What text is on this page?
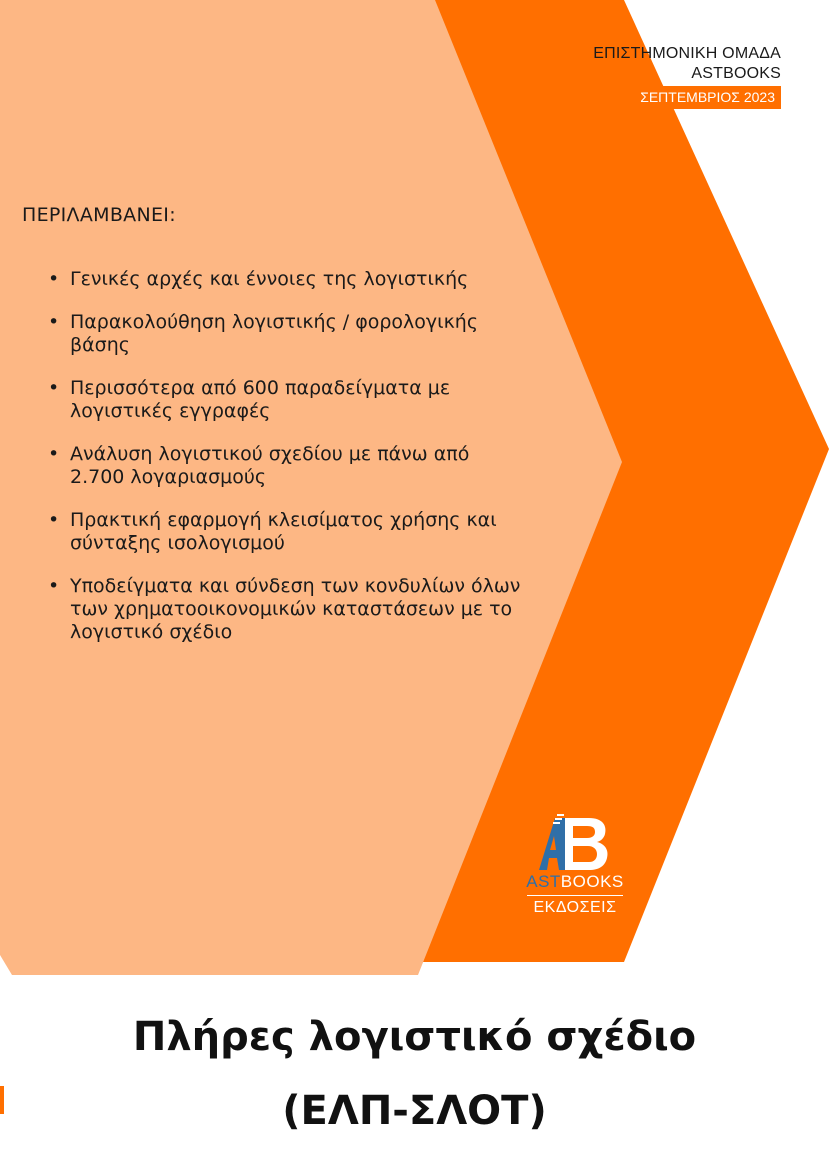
ΕΠΙΣΤΗΜΟΝΙΚΗ ΟΜΑΔΑ
ASTBOOKS
ΣΕΠΤΕΜΒΡΙΟΣ 2023
ΠΕΡΙΛΑΜΒΑΝΕΙ:
• Γενικές αρχές και έννοιες της λογιστικής
• Παρακολούθηση λογιστικής / φορολογικής βάσης
• Περισσότερα από 600 παραδείγματα με λογιστικές εγγραφές
• Ανάλυση λογιστικού σχεδίου με πάνω από 2.700 λογαριασμούς
• Πρακτική εφαρμογή κλεισίματος χρήσης και σύνταξης ισολογισμού
• Υποδείγματα και σύνδεση των κονδυλίων όλων των χρηματοοικονομικών καταστάσεων με το λογιστικό σχέδιο
ASTBOOKS
ΕΚΔΟΣΕΙΣ
Πλήρες λογιστικό σχέδιο
(ΕΛΠ-ΣΛΟΤ)
